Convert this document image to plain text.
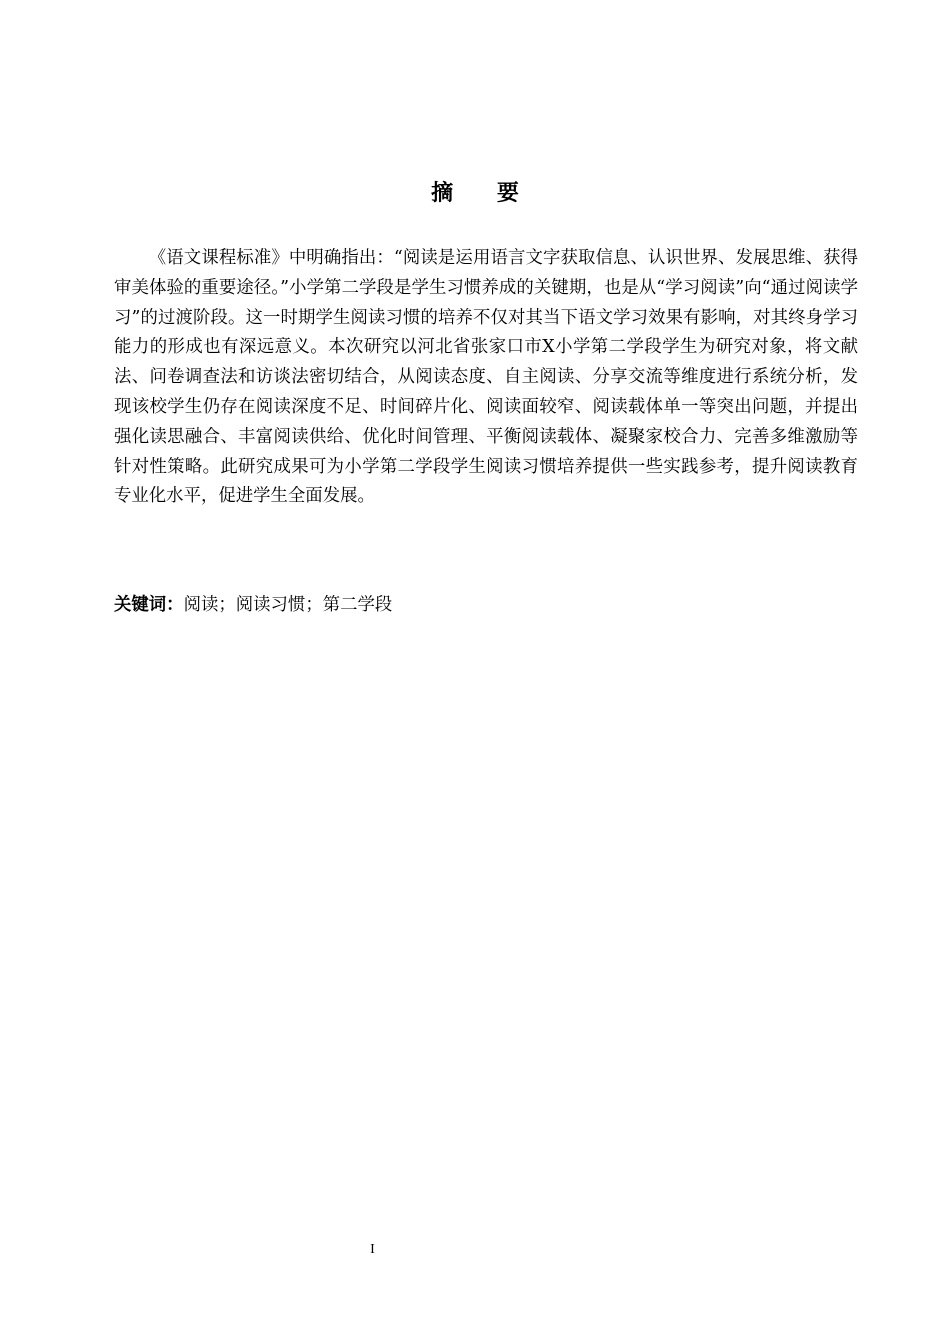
摘 要

《语文课程标准》中明确指出：“阅读是运用语言文字获取信息、认识世界、发展思维、获得审美体验的重要途径。”小学第二学段是学生习惯养成的关键期，也是从“学习阅读”向“通过阅读学习”的过渡阶段。这一时期学生阅读习惯的培养不仅对其当下语文学习效果有影响，对其终身学习能力的形成也有深远意义。本次研究以河北省张家口市X小学第二学段学生为研究对象，将文献法、问卷调查法和访谈法密切结合，从阅读态度、自主阅读、分享交流等维度进行系统分析，发现该校学生仍存在阅读深度不足、时间碎片化、阅读面较窄、阅读载体单一等突出问题，并提出强化读思融合、丰富阅读供给、优化时间管理、平衡阅读载体、凝聚家校合力、完善多维激励等针对性策略。此研究成果可为小学第二学段学生阅读习惯培养提供一些实践参考，提升阅读教育专业化水平，促进学生全面发展。

关键词：阅读；阅读习惯；第二学段
I
